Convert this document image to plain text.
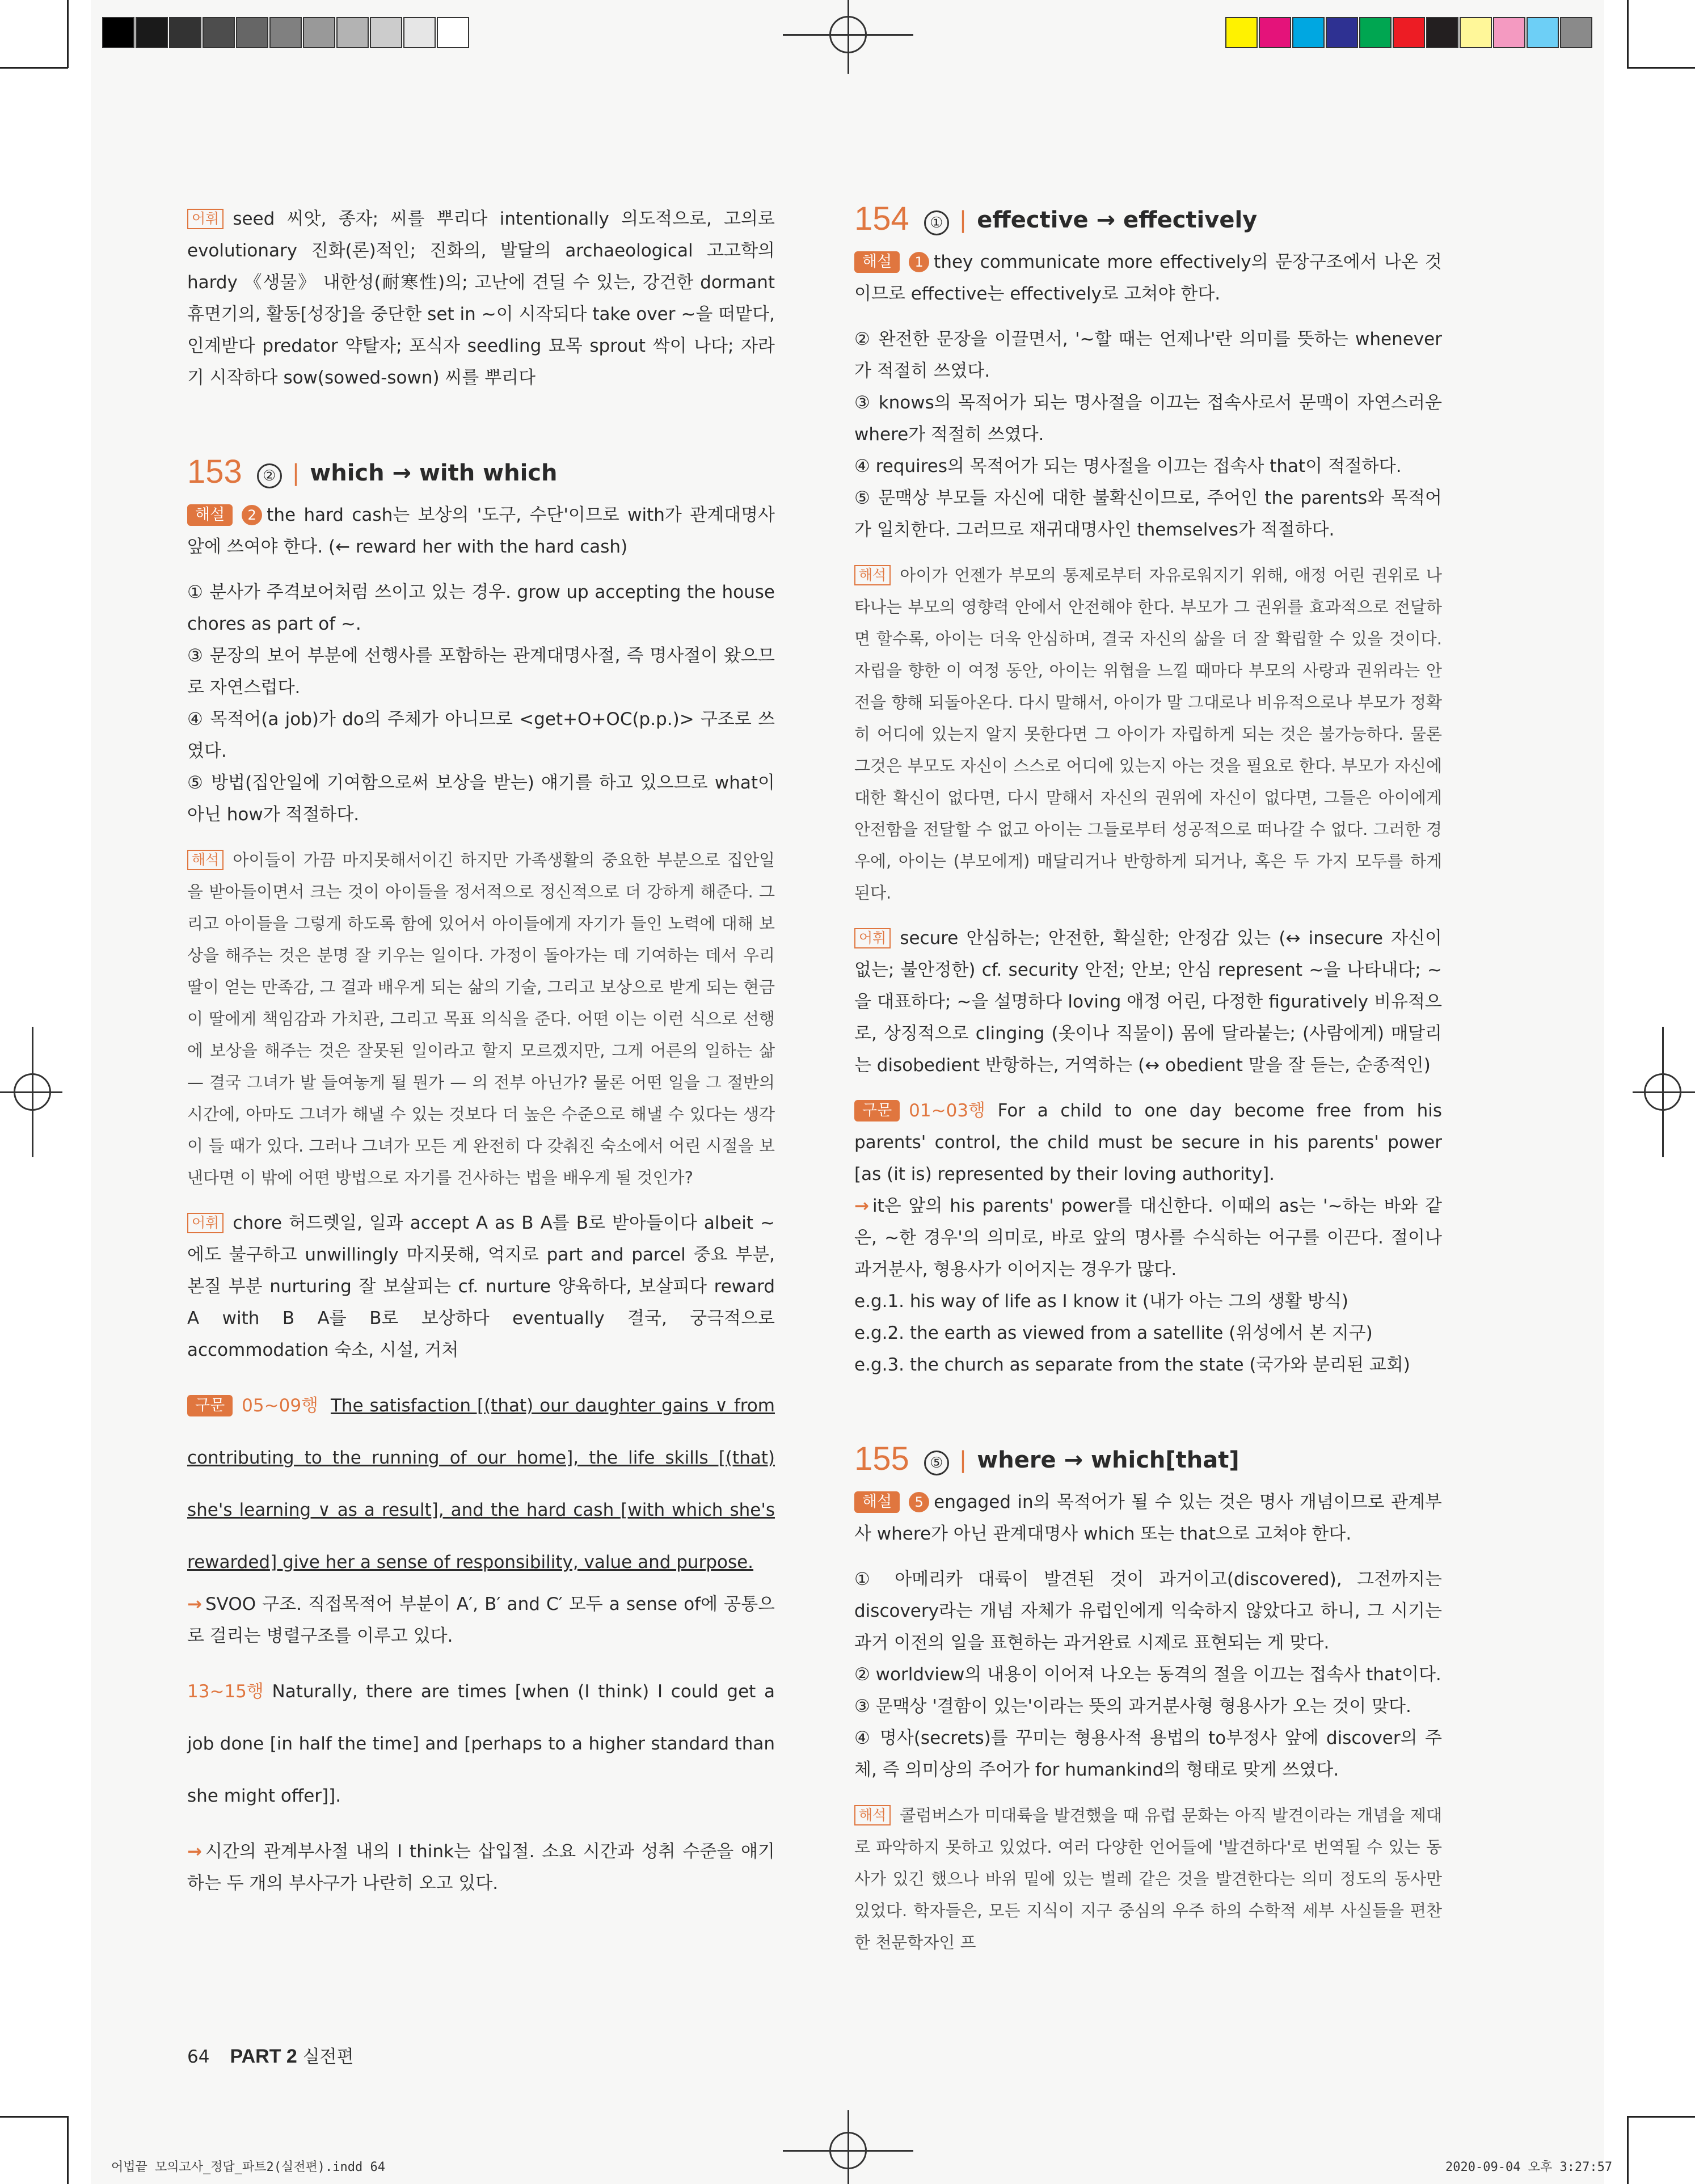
어휘 seed 씨앗, 종자; 씨를 뿌리다 intentionally 의도적으로, 고의로 evolutionary 진화(론)적인; 진화의, 발달의 archaeological 고고학의 hardy 《생물》 내한성(耐寒性)의; 고난에 견딜 수 있는, 강건한 dormant 휴면기의, 활동[성장]을 중단한 set in ~이 시작되다 take over ~을 떠맡다, 인계받다 predator 약탈자; 포식자 seedling 묘목 sprout 싹이 나다; 자라기 시작하다 sow(sowed-sown) 씨를 뿌리다

153 ② | which → with which

해설 2 the hard cash는 보상의 '도구, 수단'이므로 with가 관계대명사 앞에 쓰여야 한다. (← reward her with the hard cash)

① 분사가 주격보어처럼 쓰이고 있는 경우. grow up accepting the house chores as part of ~.

③ 문장의 보어 부분에 선행사를 포함하는 관계대명사절, 즉 명사절이 왔으므로 자연스럽다.

④ 목적어(a job)가 do의 주체가 아니므로 <get+O+OC(p.p.)> 구조로 쓰였다.

⑤ 방법(집안일에 기여함으로써 보상을 받는) 얘기를 하고 있으므로 what이 아닌 how가 적절하다.

해석 아이들이 가끔 마지못해서이긴 하지만 가족생활의 중요한 부분으로 집안일을 받아들이면서 크는 것이 아이들을 정서적으로 정신적으로 더 강하게 해준다. 그리고 아이들을 그렇게 하도록 함에 있어서 아이들에게 자기가 들인 노력에 대해 보상을 해주는 것은 분명 잘 키우는 일이다. 가정이 돌아가는 데 기여하는 데서 우리 딸이 얻는 만족감, 그 결과 배우게 되는 삶의 기술, 그리고 보상으로 받게 되는 현금이 딸에게 책임감과 가치관, 그리고 목표 의식을 준다. 어떤 이는 이런 식으로 선행에 보상을 해주는 것은 잘못된 일이라고 할지 모르겠지만, 그게 어른의 일하는 삶 — 결국 그녀가 발 들여놓게 될 뭔가 — 의 전부 아닌가? 물론 어떤 일을 그 절반의 시간에, 아마도 그녀가 해낼 수 있는 것보다 더 높은 수준으로 해낼 수 있다는 생각이 들 때가 있다. 그러나 그녀가 모든 게 완전히 다 갖춰진 숙소에서 어린 시절을 보낸다면 이 밖에 어떤 방법으로 자기를 건사하는 법을 배우게 될 것인가?

어휘 chore 허드렛일, 일과 accept A as B A를 B로 받아들이다 albeit ~에도 불구하고 unwillingly 마지못해, 억지로 part and parcel 중요 부분, 본질 부분 nurturing 잘 보살피는 cf. nurture 양육하다, 보살피다 reward A with B A를 B로 보상하다 eventually 결국, 궁극적으로 accommodation 숙소, 시설, 거처

구문 05~09행 The satisfaction [(that) our daughter gains ∨ from contributing to the running of our home], the life skills [(that) she's learning ∨ as a result], and the hard cash [with which she's rewarded] give her a sense of responsibility, value and purpose.

→ SVOO 구조. 직접목적어 부분이 A′, B′ and C′ 모두 a sense of에 공통으로 걸리는 병렬구조를 이루고 있다.

13~15행 Naturally, there are times [when (I think) I could get a job done [in half the time] and [perhaps to a higher standard than she might offer]].

→ 시간의 관계부사절 내의 I think는 삽입절. 소요 시간과 성취 수준을 얘기하는 두 개의 부사구가 나란히 오고 있다.

154 ① | effective → effectively

해설 1 they communicate more effectively의 문장구조에서 나온 것이므로 effective는 effectively로 고쳐야 한다.

② 완전한 문장을 이끌면서, '~할 때는 언제나'란 의미를 뜻하는 whenever가 적절히 쓰였다.

③ knows의 목적어가 되는 명사절을 이끄는 접속사로서 문맥이 자연스러운 where가 적절히 쓰였다.

④ requires의 목적어가 되는 명사절을 이끄는 접속사 that이 적절하다.

⑤ 문맥상 부모들 자신에 대한 불확신이므로, 주어인 the parents와 목적어가 일치한다. 그러므로 재귀대명사인 themselves가 적절하다.

해석 아이가 언젠가 부모의 통제로부터 자유로워지기 위해, 애정 어린 권위로 나타나는 부모의 영향력 안에서 안전해야 한다. 부모가 그 권위를 효과적으로 전달하면 할수록, 아이는 더욱 안심하며, 결국 자신의 삶을 더 잘 확립할 수 있을 것이다. 자립을 향한 이 여정 동안, 아이는 위협을 느낄 때마다 부모의 사랑과 권위라는 안전을 향해 되돌아온다. 다시 말해서, 아이가 말 그대로나 비유적으로나 부모가 정확히 어디에 있는지 알지 못한다면 그 아이가 자립하게 되는 것은 불가능하다. 물론 그것은 부모도 자신이 스스로 어디에 있는지 아는 것을 필요로 한다. 부모가 자신에 대한 확신이 없다면, 다시 말해서 자신의 권위에 자신이 없다면, 그들은 아이에게 안전함을 전달할 수 없고 아이는 그들로부터 성공적으로 떠나갈 수 없다. 그러한 경우에, 아이는 (부모에게) 매달리거나 반항하게 되거나, 혹은 두 가지 모두를 하게 된다.

어휘 secure 안심하는; 안전한, 확실한; 안정감 있는 (↔ insecure 자신이 없는; 불안정한) cf. security 안전; 안보; 안심 represent ~을 나타내다; ~을 대표하다; ~을 설명하다 loving 애정 어린, 다정한 figuratively 비유적으로, 상징적으로 clinging (옷이나 직물이) 몸에 달라붙는; (사람에게) 매달리는 disobedient 반항하는, 거역하는 (↔ obedient 말을 잘 듣는, 순종적인)

구문 01~03행 For a child to one day become free from his parents' control, the child must be secure in his parents' power [as (it is) represented by their loving authority].

→ it은 앞의 his parents' power를 대신한다. 이때의 as는 '~하는 바와 같은, ~한 경우'의 의미로, 바로 앞의 명사를 수식하는 어구를 이끈다. 절이나 과거분사, 형용사가 이어지는 경우가 많다.

e.g.1. his way of life as I know it (내가 아는 그의 생활 방식)

e.g.2. the earth as viewed from a satellite (위성에서 본 지구)

e.g.3. the church as separate from the state (국가와 분리된 교회)

155 ⑤ | where → which[that]

해설 5 engaged in의 목적어가 될 수 있는 것은 명사 개념이므로 관계부사 where가 아닌 관계대명사 which 또는 that으로 고쳐야 한다.

① 아메리카 대륙이 발견된 것이 과거이고(discovered), 그전까지는 discovery라는 개념 자체가 유럽인에게 익숙하지 않았다고 하니, 그 시기는 과거 이전의 일을 표현하는 과거완료 시제로 표현되는 게 맞다.

② worldview의 내용이 이어져 나오는 동격의 절을 이끄는 접속사 that이다.

③ 문맥상 '결함이 있는'이라는 뜻의 과거분사형 형용사가 오는 것이 맞다.

④ 명사(secrets)를 꾸미는 형용사적 용법의 to부정사 앞에 discover의 주체, 즉 의미상의 주어가 for humankind의 형태로 맞게 쓰였다.

해석 콜럼버스가 미대륙을 발견했을 때 유럽 문화는 아직 발견이라는 개념을 제대로 파악하지 못하고 있었다. 여러 다양한 언어들에 '발견하다'로 번역될 수 있는 동사가 있긴 했으나 바위 밑에 있는 벌레 같은 것을 발견한다는 의미 정도의 동사만 있었다. 학자들은, 모든 지식이 지구 중심의 우주 하의 수학적 세부 사실들을 편찬한 천문학자인 프

64 PART 2 실전편
어법끝 모의고사_정답_파트2(실전편).indd 64	2020-09-04 오후 3:27:57
